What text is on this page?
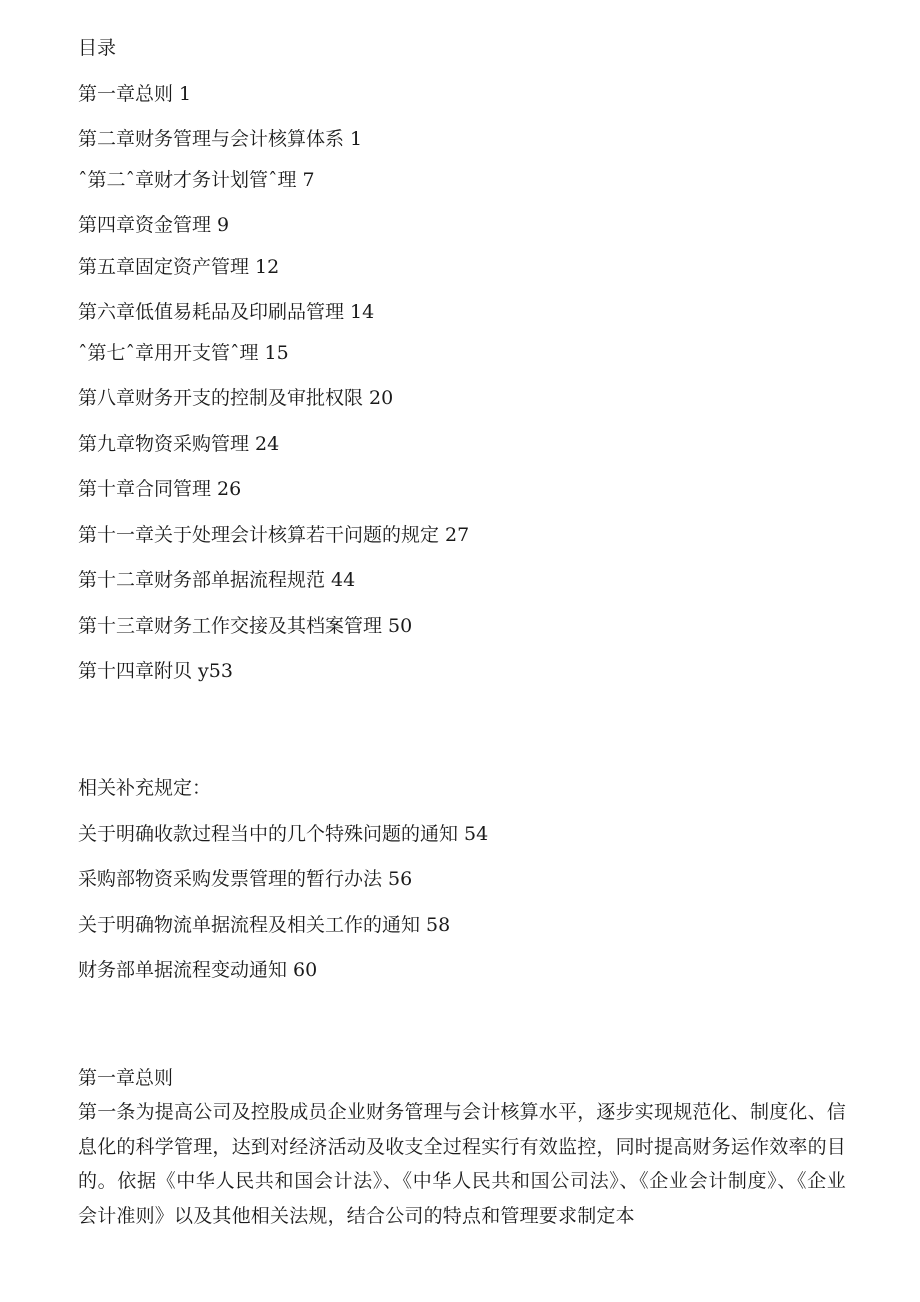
目录
第一章总则 1
第二章财务管理与会计核算体系 1
ˆ第二ˆ章财才务计划管ˆ理 7
第四章资金管理 9
第五章固定资产管理 12
第六章低值易耗品及印刷品管理 14
ˆ第七ˆ章用开支管ˆ理 15
第八章财务开支的控制及审批权限 20
第九章物资采购管理 24
第十章合同管理 26
第十一章关于处理会计核算若干问题的规定 27
第十二章财务部单据流程规范 44
第十三章财务工作交接及其档案管理 50
第十四章附贝 y53
相关补充规定：
关于明确收款过程当中的几个特殊问题的通知 54
采购部物资采购发票管理的暂行办法 56
关于明确物流单据流程及相关工作的通知 58
财务部单据流程变动通知 60
第一章总则
第一条为提高公司及控股成员企业财务管理与会计核算水平，逐步实现规范化、制度化、信息化的科学管理，达到对经济活动及收支全过程实行有效监控，同时提高财务运作效率的目的。依据《中华人民共和国会计法》、《中华人民共和国公司法》、《企业会计制度》、《企业会计准则》以及其他相关法规，结合公司的特点和管理要求制定本
